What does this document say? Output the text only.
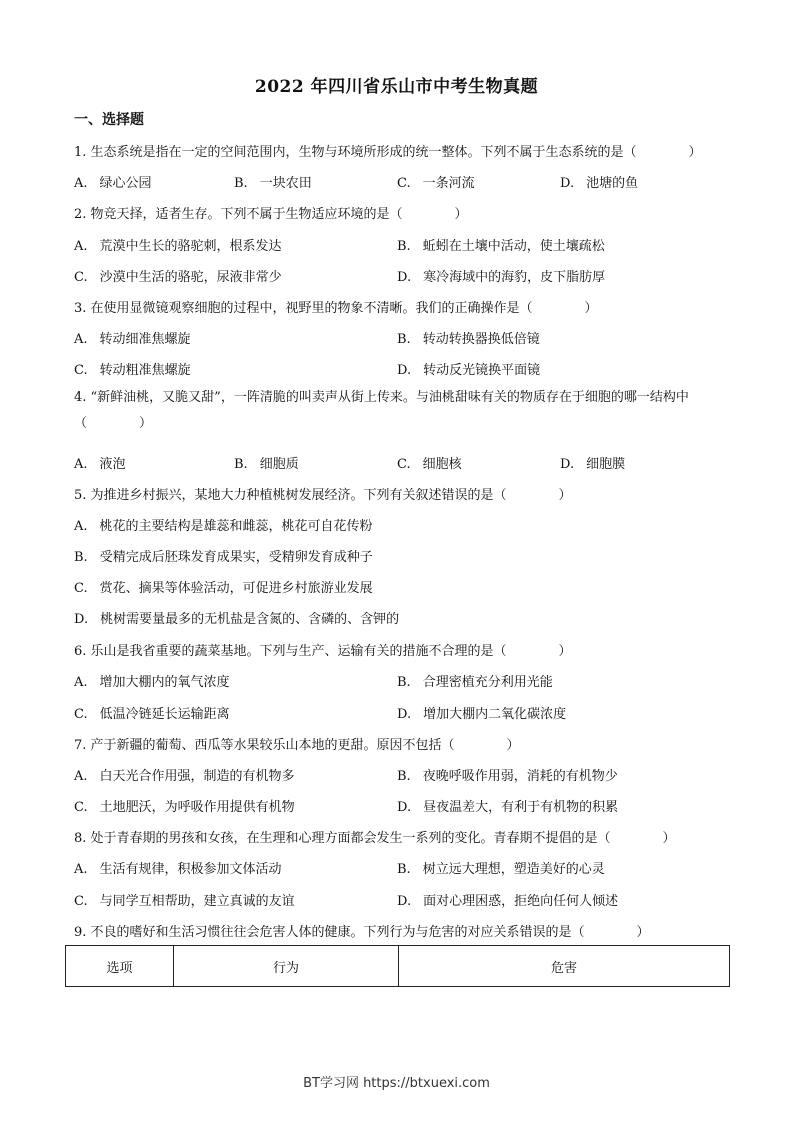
2022 年四川省乐山市中考生物真题
一、选择题
1. 生态系统是指在一定的空间范围内，生物与环境所形成的统一整体。下列不属于生态系统的是（　　　　）
A. 绿心公园	B. 一块农田	C. 一条河流	D. 池塘的鱼
2. 物竞天择，适者生存。下列不属于生物适应环境的是（　　　　）
A. 荒漠中生长的骆驼刺，根系发达	B. 蚯蚓在土壤中活动，使土壤疏松
C. 沙漠中生活的骆驼，尿液非常少	D. 寒冷海域中的海豹，皮下脂肪厚
3. 在使用显微镜观察细胞的过程中，视野里的物象不清晰。我们的正确操作是（　　　　）
A. 转动细准焦螺旋	B. 转动转换器换低倍镜
C. 转动粗准焦螺旋	D. 转动反光镜换平面镜
4. “新鲜油桃，又脆又甜”，一阵清脆的叫卖声从街上传来。与油桃甜味有关的物质存在于细胞的哪一结构中（　　　　）
A. 液泡	B. 细胞质	C. 细胞核	D. 细胞膜
5. 为推进乡村振兴，某地大力种植桃树发展经济。下列有关叙述错误的是（　　　　）
A. 桃花的主要结构是雄蕊和雌蕊，桃花可自花传粉
B. 受精完成后胚珠发育成果实，受精卵发育成种子
C. 赏花、摘果等体验活动，可促进乡村旅游业发展
D. 桃树需要量最多的无机盐是含氮的、含磷的、含钾的
6. 乐山是我省重要的蔬菜基地。下列与生产、运输有关的措施不合理的是（　　　　）
A. 增加大棚内的氧气浓度	B. 合理密植充分利用光能
C. 低温冷链延长运输距离	D. 增加大棚内二氧化碳浓度
7. 产于新疆的葡萄、西瓜等水果较乐山本地的更甜。原因不包括（　　　　）
A. 白天光合作用强，制造的有机物多	B. 夜晚呼吸作用弱，消耗的有机物少
C. 土地肥沃，为呼吸作用提供有机物	D. 昼夜温差大，有利于有机物的积累
8. 处于青春期的男孩和女孩，在生理和心理方面都会发生一系列的变化。青春期不提倡的是（　　　　）
A. 生活有规律，积极参加文体活动	B. 树立远大理想，塑造美好的心灵
C. 与同学互相帮助，建立真诚的友谊	D. 面对心理困惑，拒绝向任何人倾述
9. 不良的嗜好和生活习惯往往会危害人体的健康。下列行为与危害的对应关系错误的是（　　　　）
选项	行为	危害
BT学习网 https://btxuexi.com
